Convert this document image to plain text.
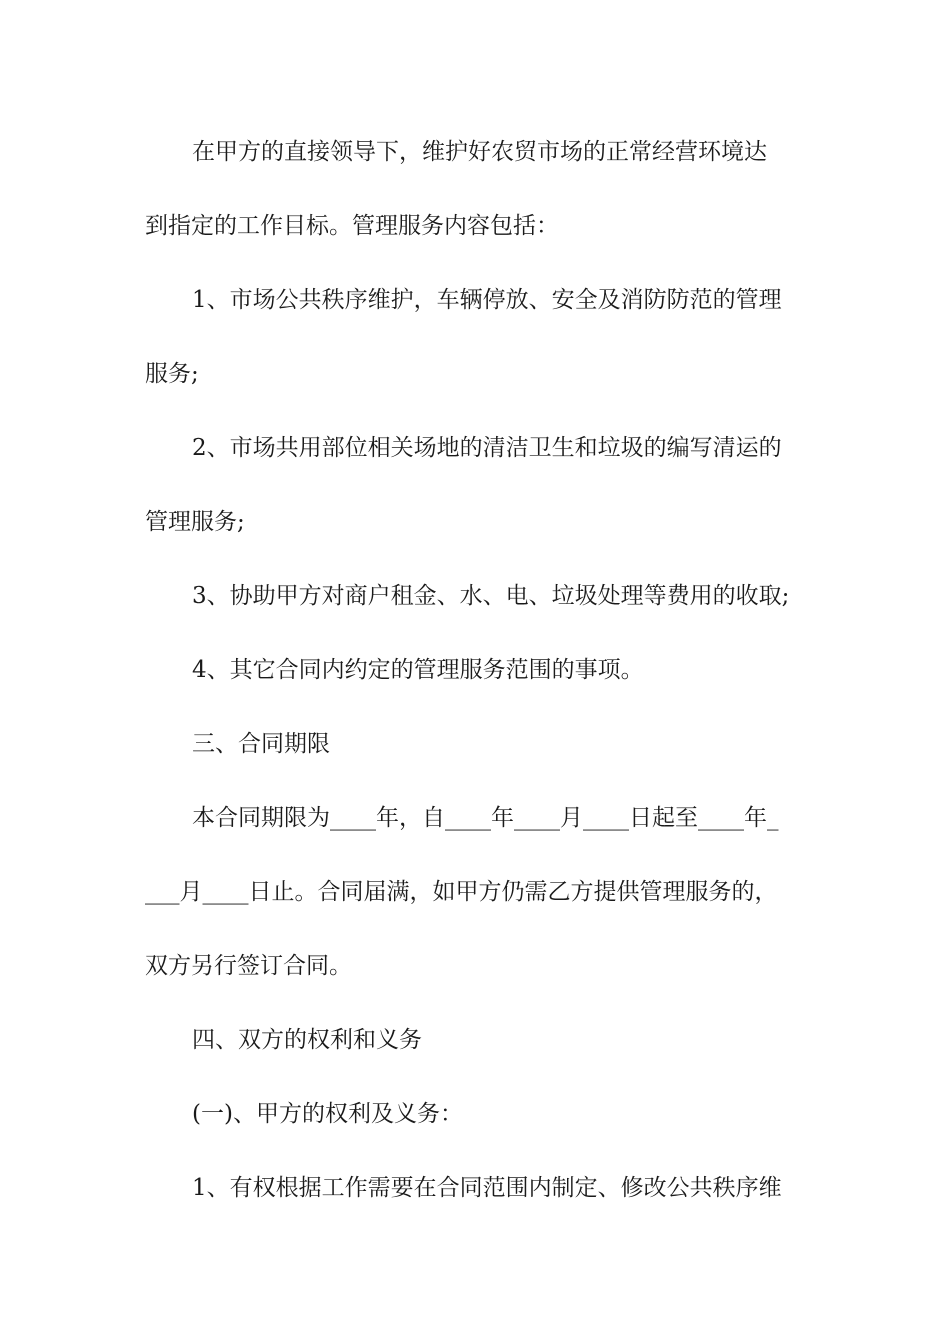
在甲方的直接领导下，维护好农贸市场的正常经营环境达
到指定的工作目标。管理服务内容包括：
1、市场公共秩序维护，车辆停放、安全及消防防范的管理
服务;
2、市场共用部位相关场地的清洁卫生和垃圾的编写清运的
管理服务;
3、协助甲方对商户租金、水、电、垃圾处理等费用的收取;
4、其它合同内约定的管理服务范围的事项。
三、合同期限
本合同期限为____年，自____年____月____日起至____年_
___月____日止。合同届满，如甲方仍需乙方提供管理服务的，
双方另行签订合同。
四、双方的权利和义务
(一)、甲方的权利及义务：
1、有权根据工作需要在合同范围内制定、修改公共秩序维
